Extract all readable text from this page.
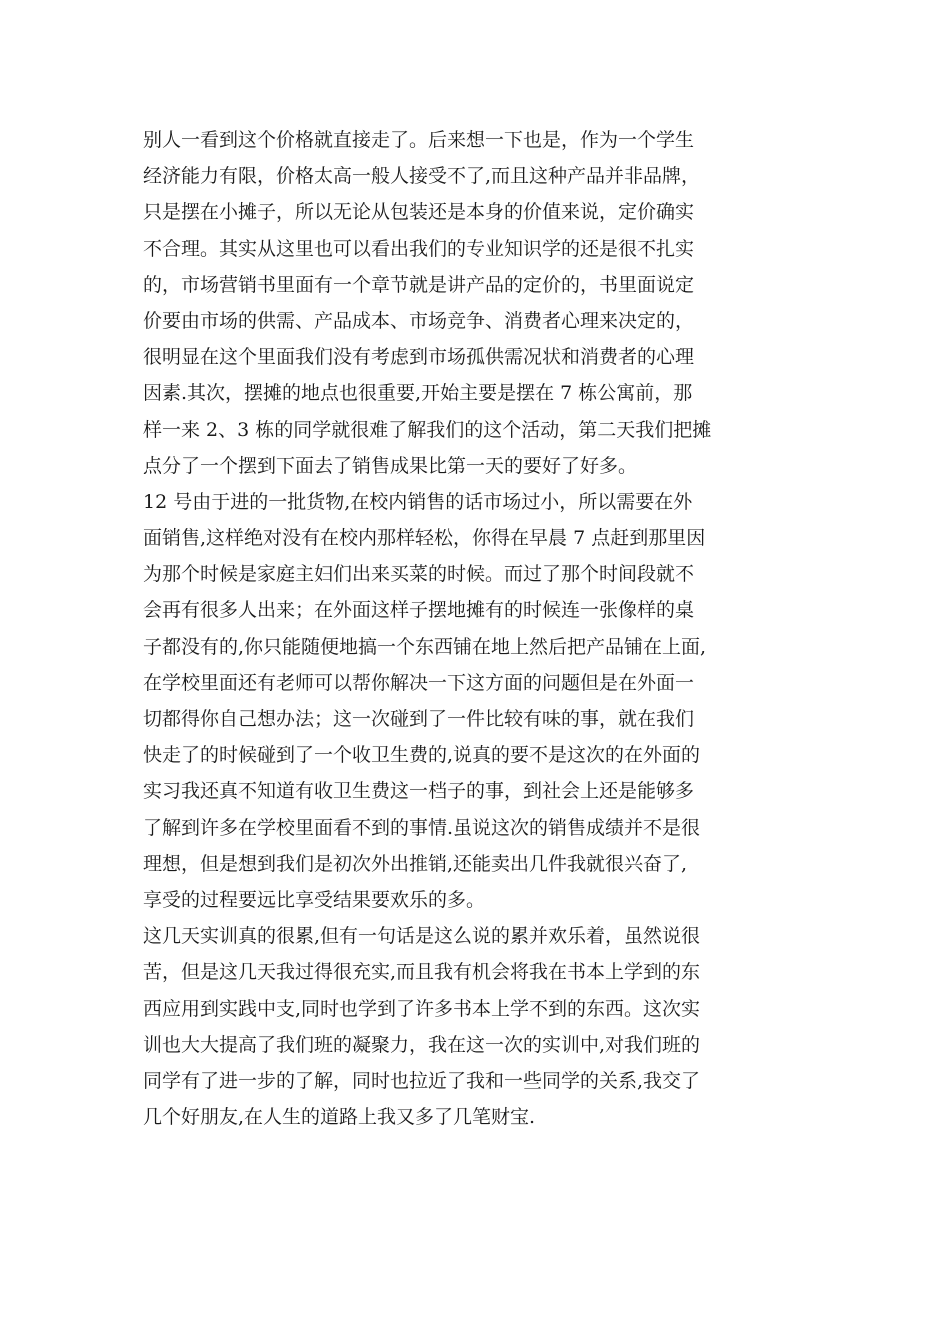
别人一看到这个价格就直接走了。后来想一下也是，作为一个学生
经济能力有限，价格太高一般人接受不了,而且这种产品并非品牌，
只是摆在小摊子，所以无论从包装还是本身的价值来说，定价确实
不合理。其实从这里也可以看出我们的专业知识学的还是很不扎实
的，市场营销书里面有一个章节就是讲产品的定价的，书里面说定
价要由市场的供需、产品成本、市场竞争、消费者心理来决定的，
很明显在这个里面我们没有考虑到市场孤供需况状和消费者的心理
因素.其次，摆摊的地点也很重要,开始主要是摆在 7 栋公寓前，那
样一来 2、3 栋的同学就很难了解我们的这个活动，第二天我们把摊
点分了一个摆到下面去了销售成果比第一天的要好了好多。
12 号由于进的一批货物,在校内销售的话市场过小，所以需要在外
面销售,这样绝对没有在校内那样轻松，你得在早晨 7 点赶到那里因
为那个时候是家庭主妇们出来买菜的时候。而过了那个时间段就不
会再有很多人出来；在外面这样子摆地摊有的时候连一张像样的桌
子都没有的,你只能随便地搞一个东西铺在地上然后把产品铺在上面,
在学校里面还有老师可以帮你解决一下这方面的问题但是在外面一
切都得你自己想办法；这一次碰到了一件比较有味的事，就在我们
快走了的时候碰到了一个收卫生费的,说真的要不是这次的在外面的
实习我还真不知道有收卫生费这一档子的事，到社会上还是能够多
了解到许多在学校里面看不到的事情.虽说这次的销售成绩并不是很
理想，但是想到我们是初次外出推销,还能卖出几件我就很兴奋了,
享受的过程要远比享受结果要欢乐的多。
这几天实训真的很累,但有一句话是这么说的累并欢乐着，虽然说很
苦，但是这几天我过得很充实,而且我有机会将我在书本上学到的东
西应用到实践中支,同时也学到了许多书本上学不到的东西。这次实
训也大大提高了我们班的凝聚力，我在这一次的实训中,对我们班的
同学有了进一步的了解，同时也拉近了我和一些同学的关系,我交了
几个好朋友,在人生的道路上我又多了几笔财宝.
